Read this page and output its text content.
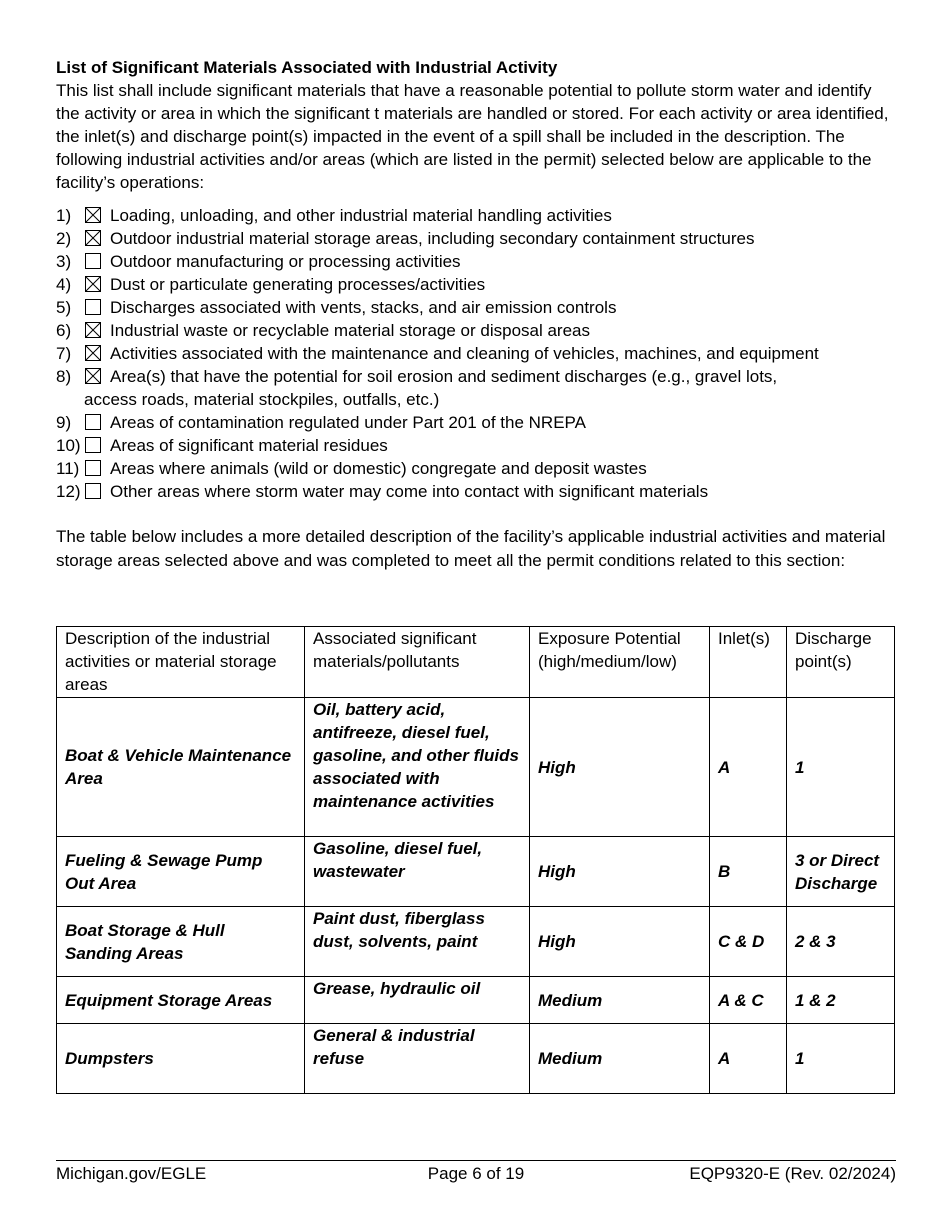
List of Significant Materials Associated with Industrial Activity

This list shall include significant materials that have a reasonable potential to pollute storm water and identify the activity or area in which the significant t materials are handled or stored. For each activity or area identified, the inlet(s) and discharge point(s) impacted in the event of a spill shall be included in the description. The following industrial activities and/or areas (which are listed in the permit) selected below are applicable to the facility’s operations:

1) Loading, unloading, and other industrial material handling activities
2) Outdoor industrial material storage areas, including secondary containment structures
3) Outdoor manufacturing or processing activities
4) Dust or particulate generating processes/activities
5) Discharges associated with vents, stacks, and air emission controls
6) Industrial waste or recyclable material storage or disposal areas
7) Activities associated with the maintenance and cleaning of vehicles, machines, and equipment
8) Area(s) that have the potential for soil erosion and sediment discharges (e.g., gravel lots,
access roads, material stockpiles, outfalls, etc.)
9) Areas of contamination regulated under Part 201 of the NREPA
10) Areas of significant material residues
11) Areas where animals (wild or domestic) congregate and deposit wastes
12) Other areas where storm water may come into contact with significant materials

The table below includes a more detailed description of the facility’s applicable industrial activities and material storage areas selected above and was completed to meet all the permit conditions related to this section:

Description of the industrial activities or material storage areas	Associated significant materials/pollutants	Exposure Potential (high/medium/low)	Inlet(s)	Discharge point(s)
Boat & Vehicle Maintenance Area	Oil, battery acid, antifreeze, diesel fuel, gasoline, and other fluids associated with maintenance activities	High	A	1
Fueling & Sewage Pump Out Area	Gasoline, diesel fuel, wastewater	High	B	3 or Direct Discharge
Boat Storage & Hull Sanding Areas	Paint dust, fiberglass dust, solvents, paint	High	C & D	2 & 3
Equipment Storage Areas	Grease, hydraulic oil	Medium	A & C	1 & 2
Dumpsters	General & industrial refuse	Medium	A	1
Michigan.gov/EGLE	Page 6 of 19	EQP9320-E (Rev. 02/2024)
